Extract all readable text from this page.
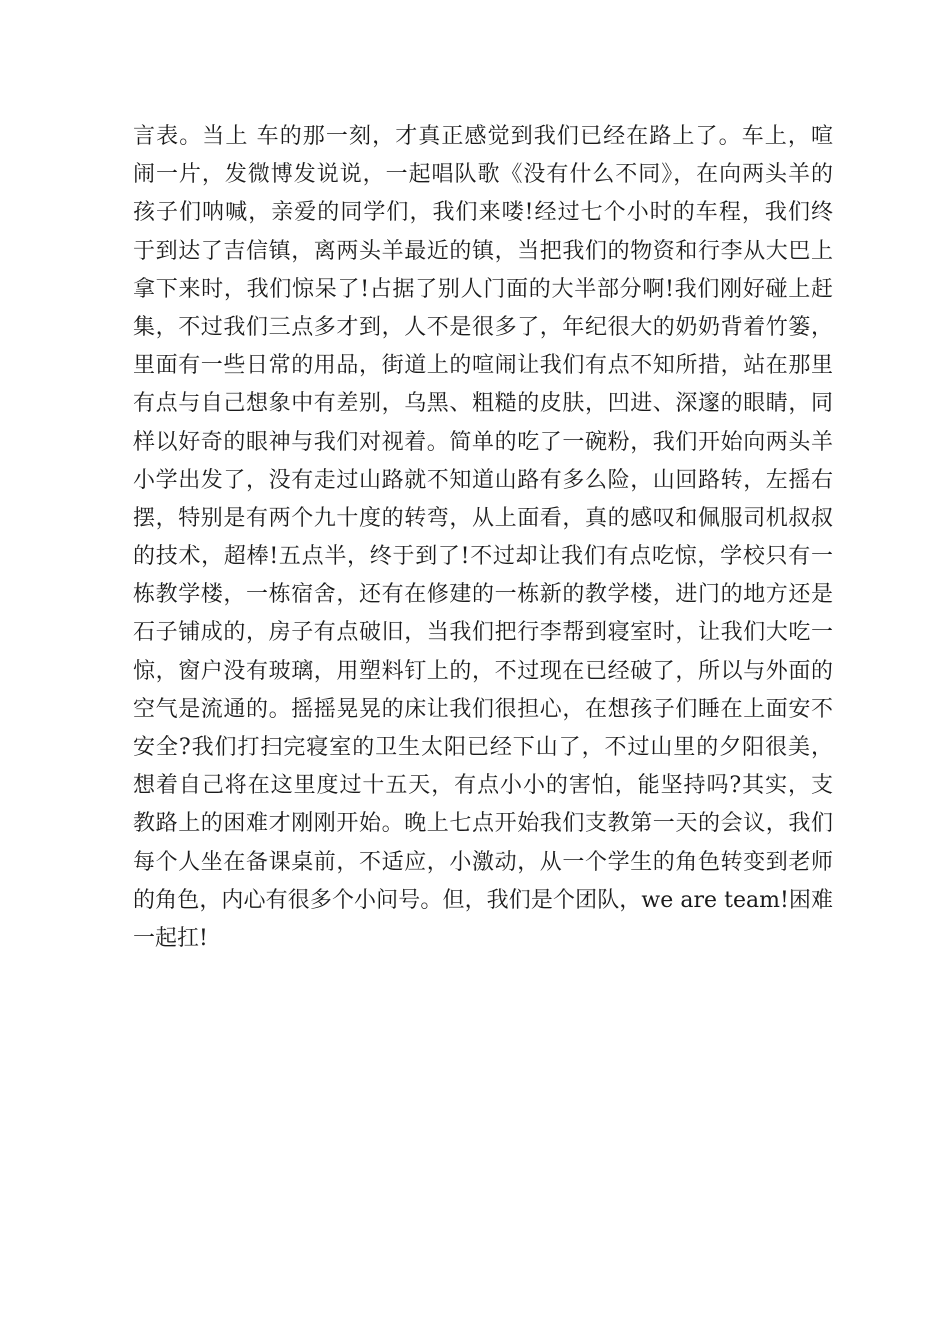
言表。当上 车的那一刻，才真正感觉到我们已经在路上了。车上，喧
闹一片，发微博发说说，一起唱队歌《没有什么不同》，在向两头羊的
孩子们呐喊，亲爱的同学们，我们来喽!经过七个小时的车程，我们终
于到达了吉信镇，离两头羊最近的镇，当把我们的物资和行李从大巴上
拿下来时，我们惊呆了!占据了别人门面的大半部分啊!我们刚好碰上赶
集，不过我们三点多才到，人不是很多了，年纪很大的奶奶背着竹篓，
里面有一些日常的用品，街道上的喧闹让我们有点不知所措，站在那里
有点与自己想象中有差别，乌黑、粗糙的皮肤，凹进、深邃的眼睛，同
样以好奇的眼神与我们对视着。简单的吃了一碗粉，我们开始向两头羊
小学出发了，没有走过山路就不知道山路有多么险，山回路转，左摇右
摆，特别是有两个九十度的转弯，从上面看，真的感叹和佩服司机叔叔
的技术，超棒!五点半，终于到了!不过却让我们有点吃惊，学校只有一
栋教学楼，一栋宿舍，还有在修建的一栋新的教学楼，进门的地方还是
石子铺成的，房子有点破旧，当我们把行李帮到寝室时，让我们大吃一
惊，窗户没有玻璃，用塑料钉上的，不过现在已经破了，所以与外面的
空气是流通的。摇摇晃晃的床让我们很担心，在想孩子们睡在上面安不
安全?我们打扫完寝室的卫生太阳已经下山了，不过山里的夕阳很美，
想着自己将在这里度过十五天，有点小小的害怕，能坚持吗?其实，支
教路上的困难才刚刚开始。晚上七点开始我们支教第一天的会议，我们
每个人坐在备课桌前，不适应，小激动，从一个学生的角色转变到老师
的角色，内心有很多个小问号。但，我们是个团队，we are team!困难
一起扛!
